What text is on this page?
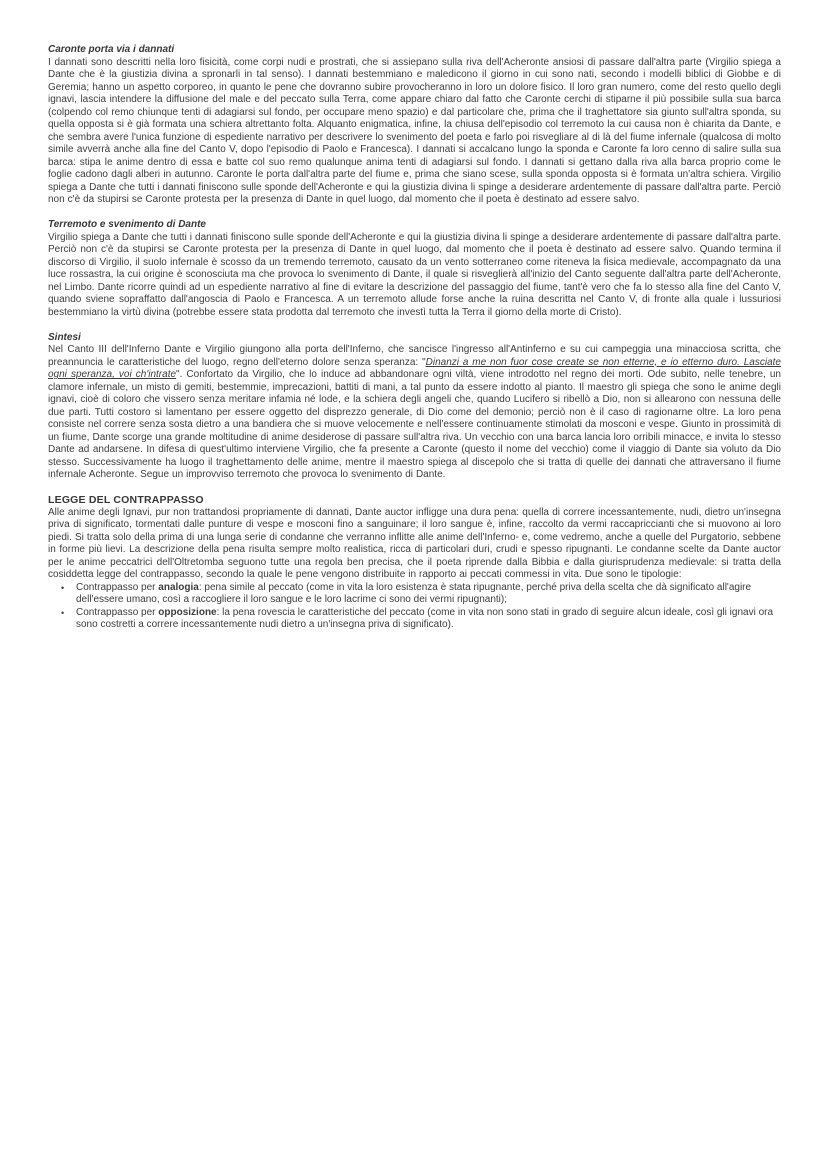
Caronte porta via i dannati

I dannati sono descritti nella loro fisicità, come corpi nudi e prostrati, che si assiepano sulla riva dell'Acheronte ansiosi di passare dall'altra parte (Virgilio spiega a Dante che è la giustizia divina a spronarli in tal senso). I dannati bestemmiano e maledicono il giorno in cui sono nati, secondo i modelli biblici di Giobbe e di Geremia; hanno un aspetto corporeo, in quanto le pene che dovranno subire provocheranno in loro un dolore fisico. Il loro gran numero, come del resto quello degli ignavi, lascia intendere la diffusione del male e del peccato sulla Terra, come appare chiaro dal fatto che Caronte cerchi di stiparne il più possibile sulla sua barca (colpendo col remo chiunque tenti di adagiarsi sul fondo, per occupare meno spazio) e dal particolare che, prima che il traghettatore sia giunto sull'altra sponda, su quella opposta si è già formata una schiera altrettanto folta. Alquanto enigmatica, infine, la chiusa dell'episodio col terremoto la cui causa non è chiarita da Dante, e che sembra avere l'unica funzione di espediente narrativo per descrivere lo svenimento del poeta e farlo poi risvegliare al di là del fiume infernale (qualcosa di molto simile avverrà anche alla fine del Canto V, dopo l'episodio di Paolo e Francesca). I dannati si accalcano lungo la sponda e Caronte fa loro cenno di salire sulla sua barca: stipa le anime dentro di essa e batte col suo remo qualunque anima tenti di adagiarsi sul fondo. I dannati si gettano dalla riva alla barca proprio come le foglie cadono dagli alberi in autunno. Caronte le porta dall'altra parte del fiume e, prima che siano scese, sulla sponda opposta si è formata un'altra schiera. Virgilio spiega a Dante che tutti i dannati finiscono sulle sponde dell'Acheronte e qui la giustizia divina li spinge a desiderare ardentemente di passare dall'altra parte. Perciò non c'è da stupirsi se Caronte protesta per la presenza di Dante in quel luogo, dal momento che il poeta è destinato ad essere salvo.

Terremoto e svenimento di Dante

Virgilio spiega a Dante che tutti i dannati finiscono sulle sponde dell'Acheronte e qui la giustizia divina li spinge a desiderare ardentemente di passare dall'altra parte. Perciò non c'è da stupirsi se Caronte protesta per la presenza di Dante in quel luogo, dal momento che il poeta è destinato ad essere salvo. Quando termina il discorso di Virgilio, il suolo infernale è scosso da un tremendo terremoto, causato da un vento sotterraneo come riteneva la fisica medievale, accompagnato da una luce rossastra, la cui origine è sconosciuta ma che provoca lo svenimento di Dante, il quale si risveglierà all'inizio del Canto seguente dall'altra parte dell'Acheronte, nel Limbo. Dante ricorre quindi ad un espediente narrativo al fine di evitare la descrizione del passaggio del fiume, tant'è vero che fa lo stesso alla fine del Canto V, quando sviene sopraffatto dall'angoscia di Paolo e Francesca. A un terremoto allude forse anche la ruina descritta nel Canto V, di fronte alla quale i lussuriosi bestemmiano la virtù divina (potrebbe essere stata prodotta dal terremoto che investì tutta la Terra il giorno della morte di Cristo).

Sintesi

Nel Canto III dell'Inferno Dante e Virgilio giungono alla porta dell'Inferno, che sancisce l'ingresso all'Antinferno e su cui campeggia una minacciosa scritta, che preannuncia le caratteristiche del luogo, regno dell'eterno dolore senza speranza: "Dinanzi a me non fuor cose create se non etterne, e io etterno duro. Lasciate ogni speranza, voi ch'intrate". Confortato da Virgilio, che lo induce ad abbandonare ogni viltà, viene introdotto nel regno dei morti. Ode subito, nelle tenebre, un clamore infernale, un misto di gemiti, bestemmie, imprecazioni, battiti di mani, a tal punto da essere indotto al pianto. Il maestro gli spiega che sono le anime degli ignavi, cioè di coloro che vissero senza meritare infamia né lode, e la schiera degli angeli che, quando Lucifero si ribellò a Dio, non si allearono con nessuna delle due parti. Tutti costoro si lamentano per essere oggetto del disprezzo generale, di Dio come del demonio; perciò non è il caso di ragionarne oltre. La loro pena consiste nel correre senza sosta dietro a una bandiera che si muove velocemente e nell'essere continuamente stimolati da mosconi e vespe. Giunto in prossimità di un fiume, Dante scorge una grande moltitudine di anime desiderose di passare sull'altra riva. Un vecchio con una barca lancia loro orribili minacce, e invita lo stesso Dante ad andarsene. In difesa di quest'ultimo interviene Virgilio, che fa presente a Caronte (questo il nome del vecchio) come il viaggio di Dante sia voluto da Dio stesso. Successivamente ha luogo il traghettamento delle anime, mentre il maestro spiega al discepolo che si tratta di quelle dei dannati che attraversano il fiume infernale Acheronte. Segue un improvviso terremoto che provoca lo svenimento di Dante.

LEGGE DEL CONTRAPPASSO

Alle anime degli Ignavi, pur non trattandosi propriamente di dannati, Dante auctor infligge una dura pena: quella di correre incessantemente, nudi, dietro un'insegna priva di significato, tormentati dalle punture di vespe e mosconi fino a sanguinare; il loro sangue è, infine, raccolto da vermi raccapriccianti che si muovono ai loro piedi. Si tratta solo della prima di una lunga serie di condanne che verranno inflitte alle anime dell'Inferno- e, come vedremo, anche a quelle del Purgatorio, sebbene in forme più lievi. La descrizione della pena risulta sempre molto realistica, ricca di particolari duri, crudi e spesso ripugnanti. Le condanne scelte da Dante auctor per le anime peccatrici dell'Oltretomba seguono tutte una regola ben precisa, che il poeta riprende dalla Bibbia e dalla giurisprudenza medievale: si tratta della cosiddetta legge del contrappasso, secondo la quale le pene vengono distribuite in rapporto ai peccati commessi in vita. Due sono le tipologie:

•	Contrappasso per analogia: pena simile al peccato (come in vita la loro esistenza è stata ripugnante, perché priva della scelta che dà significato all'agire dell'essere umano, così a raccogliere il loro sangue e le loro lacrime ci sono dei vermi ripugnanti);
•	Contrappasso per opposizione: la pena rovescia le caratteristiche del peccato (come in vita non sono stati in grado di seguire alcun ideale, così gli ignavi ora sono costretti a correre incessantemente nudi dietro a un'insegna priva di significato).
